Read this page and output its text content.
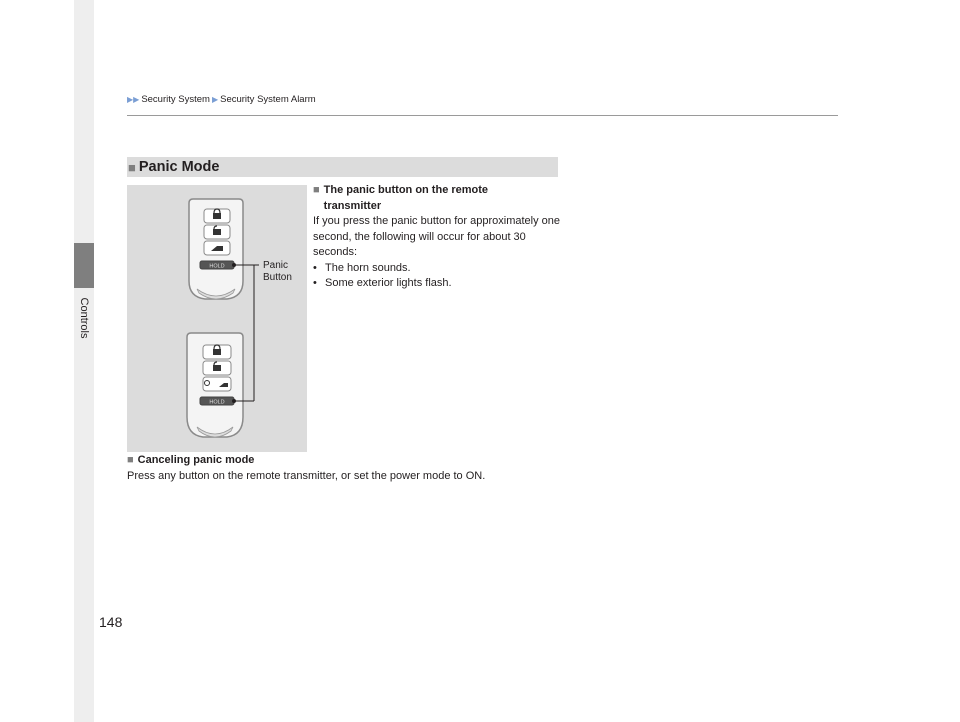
Controls
148
▶▶ Security System ▶ Security System Alarm
■ Panic Mode
HOLD
HOLD
Panic
Button
■ The panic button on the remote
transmitter
If you press the panic button for approximately one second, the following will occur for about 30 seconds:
• The horn sounds.
• Some exterior lights flash.
■ Canceling panic mode
Press any button on the remote transmitter, or set the power mode to ON.
